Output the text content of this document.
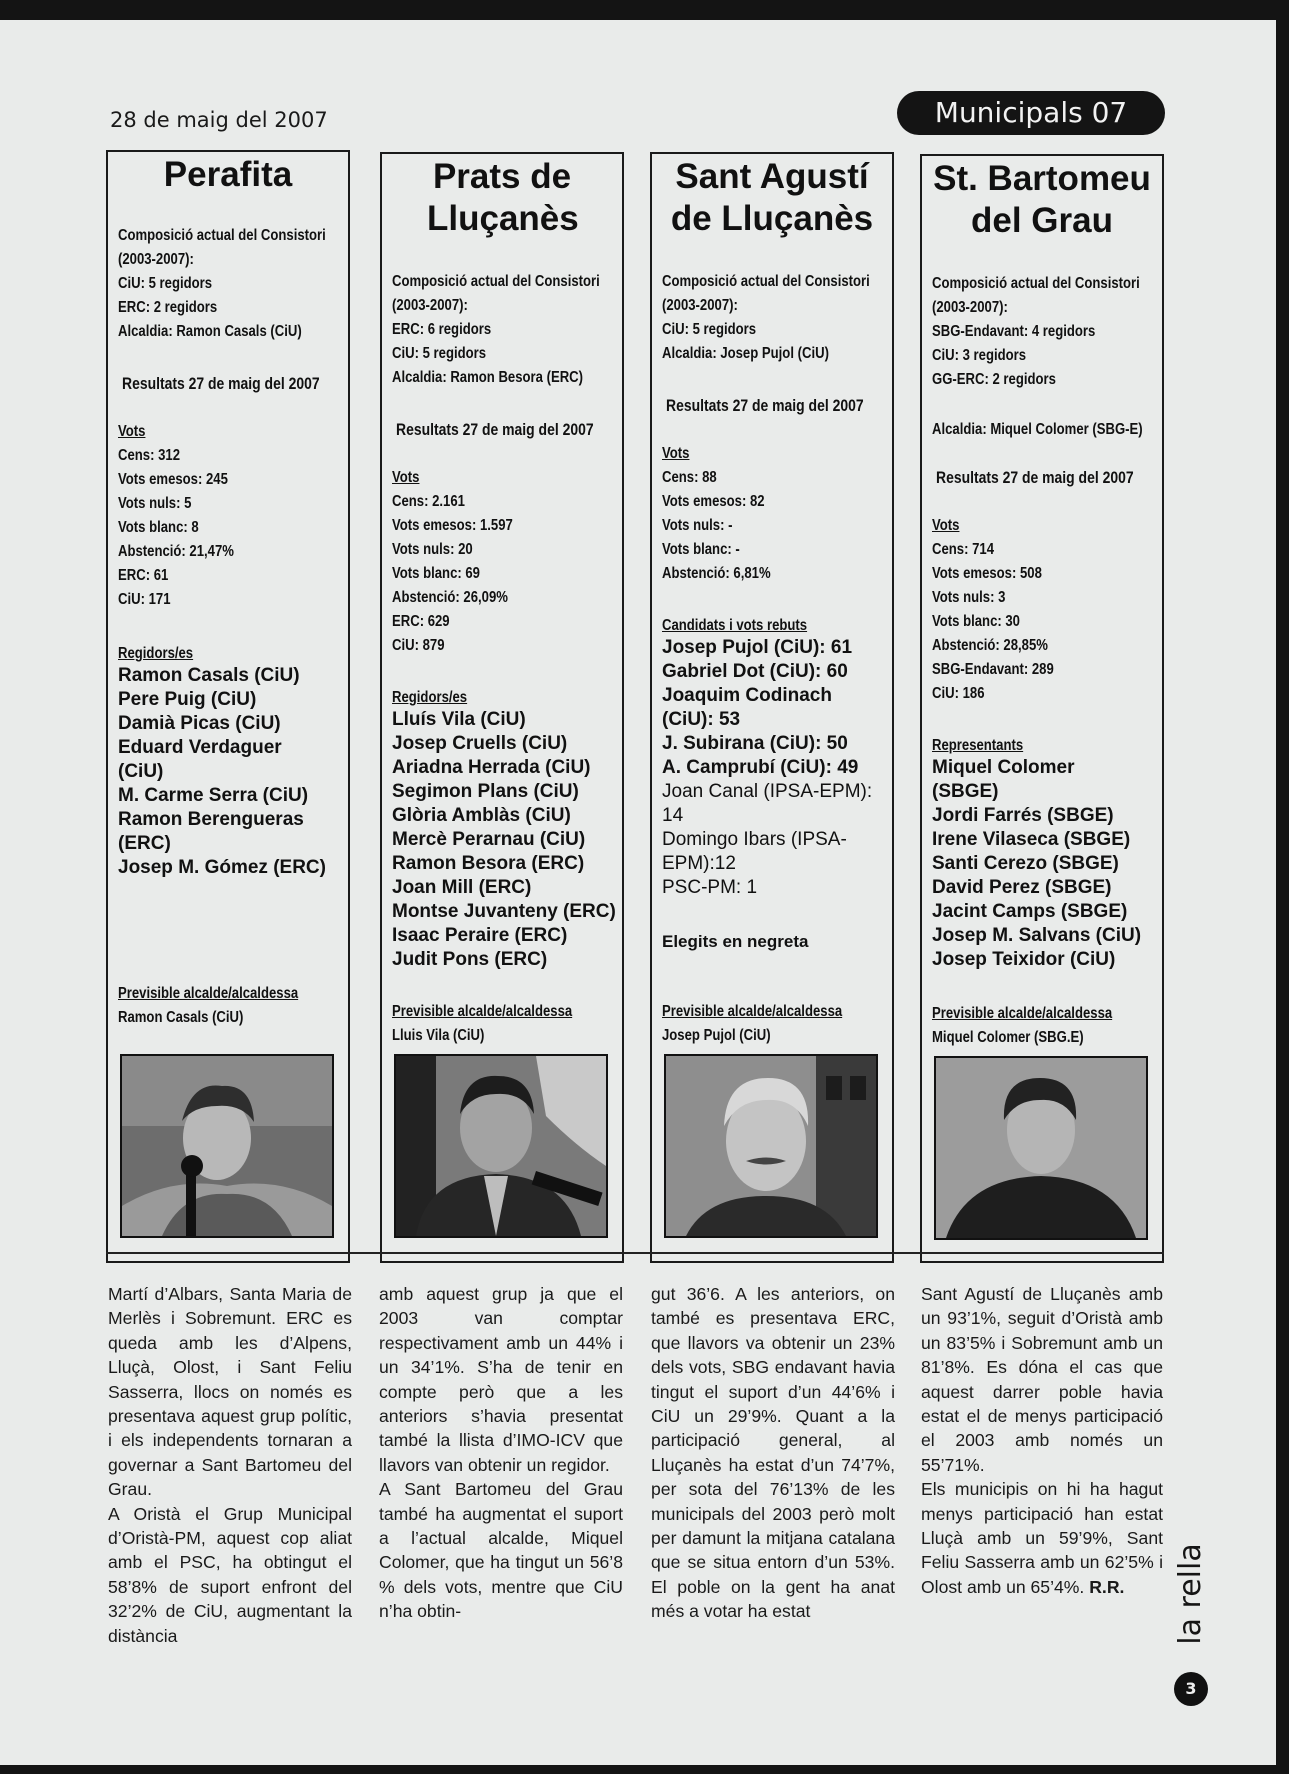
28 de maig del 2007	Municipals 07
Perafita
Composició actual del Consistori
(2003-2007):
CiU: 5 regidors
ERC: 2 regidors
Alcaldia: Ramon Casals (CiU)
Resultats 27 de maig del 2007
Vots
Cens: 312
Vots emesos: 245
Vots nuls: 5
Vots blanc: 8
Abstenció: 21,47%
ERC: 61
CiU: 171
Regidors/es
Ramon Casals (CiU)
Pere Puig (CiU)
Damià Picas (CiU)
Eduard Verdaguer
(CiU)
M. Carme Serra (CiU)
Ramon Berengueras
(ERC)
Josep M. Gómez (ERC)
Previsible alcalde/alcaldessa
Ramon Casals (CiU)
Prats de Lluçanès
Composició actual del Consistori
(2003-2007):
ERC: 6 regidors
CiU: 5 regidors
Alcaldia: Ramon Besora (ERC)
Resultats 27 de maig del 2007
Vots
Cens: 2.161
Vots emesos: 1.597
Vots nuls: 20
Vots blanc: 69
Abstenció: 26,09%
ERC: 629
CiU: 879
Regidors/es
Lluís Vila (CiU)
Josep Cruells (CiU)
Ariadna Herrada (CiU)
Segimon Plans (CiU)
Glòria Amblàs (CiU)
Mercè Perarnau (CiU)
Ramon Besora (ERC)
Joan Mill (ERC)
Montse Juvanteny (ERC)
Isaac Peraire (ERC)
Judit Pons (ERC)
Previsible alcalde/alcaldessa
Lluis Vila (CiU)
Sant Agustí de Lluçanès
Composició actual del Consistori
(2003-2007):
CiU: 5 regidors
Alcaldia: Josep Pujol (CiU)
Resultats 27 de maig del 2007
Vots
Cens: 88
Vots emesos: 82
Vots nuls: -
Vots blanc: -
Abstenció: 6,81%
Candidats i vots rebuts
Josep Pujol (CiU): 61
Gabriel Dot (CiU): 60
Joaquim Codinach
(CiU): 53
J. Subirana (CiU): 50
A. Camprubí (CiU): 49
Joan Canal (IPSA-EPM):
14
Domingo Ibars (IPSA-
EPM):12
PSC-PM: 1
Elegits en negreta
Previsible alcalde/alcaldessa
Josep Pujol (CiU)
St. Bartomeu del Grau
Composició actual del Consistori
(2003-2007):
SBG-Endavant: 4 regidors
CiU: 3 regidors
GG-ERC: 2 regidors
Alcaldia: Miquel Colomer (SBG-E)
Resultats 27 de maig del 2007
Vots
Cens: 714
Vots emesos: 508
Vots nuls: 3
Vots blanc: 30
Abstenció: 28,85%
SBG-Endavant: 289
CiU: 186
Representants
Miquel Colomer
(SBGE)
Jordi Farrés (SBGE)
Irene Vilaseca (SBGE)
Santi Cerezo (SBGE)
David Perez (SBGE)
Jacint Camps (SBGE)
Josep M. Salvans (CiU)
Josep Teixidor (CiU)
Previsible alcalde/alcaldessa
Miquel Colomer (SBG.E)

Martí d’Albars, Santa Maria de Merlès i Sobremunt. ERC es queda amb les d’Alpens, Lluçà, Olost, i Sant Feliu Sasserra, llocs on només es presentava aquest grup polític, i els independents tornaran a governar a Sant Bartomeu del Grau.

A Oristà el Grup Municipal d’Oristà-PM, aquest cop aliat amb el PSC, ha obtingut el 58’8% de suport enfront del 32’2% de CiU, augmentant la distància

amb aquest grup ja que el 2003 van comptar respectivament amb un 44% i un 34’1%. S’ha de tenir en compte però que a les anteriors s’havia presentat també la llista d’IMO-ICV que llavors van obtenir un regidor.

A Sant Bartomeu del Grau també ha augmentat el suport a l’actual alcalde, Miquel Colomer, que ha tingut un 56’8 % dels vots, mentre que CiU n’ha obtin-

gut 36’6. A les anteriors, on també es presentava ERC, que llavors va obtenir un 23% dels vots, SBG endavant havia tingut el suport d’un 44’6% i CiU un 29’9%. Quant a la participació general, al Lluçanès ha estat d’un 74’7%, per sota del 76’13% de les municipals del 2003 però molt per damunt la mitjana catalana que se situa entorn d’un 53%. El poble on la gent ha anat més a votar ha estat

Sant Agustí de Lluçanès amb un 93’1%, seguit d’Oristà amb un 83’5% i Sobremunt amb un 81’8%. Es dóna el cas que aquest darrer poble havia estat el de menys participació el 2003 amb només un 55’71%.

Els municipis on hi ha hagut menys participació han estat Lluçà amb un 59’9%, Sant Feliu Sasserra amb un 62’5% i Olost amb un 65’4%. R.R.	la rella
3
